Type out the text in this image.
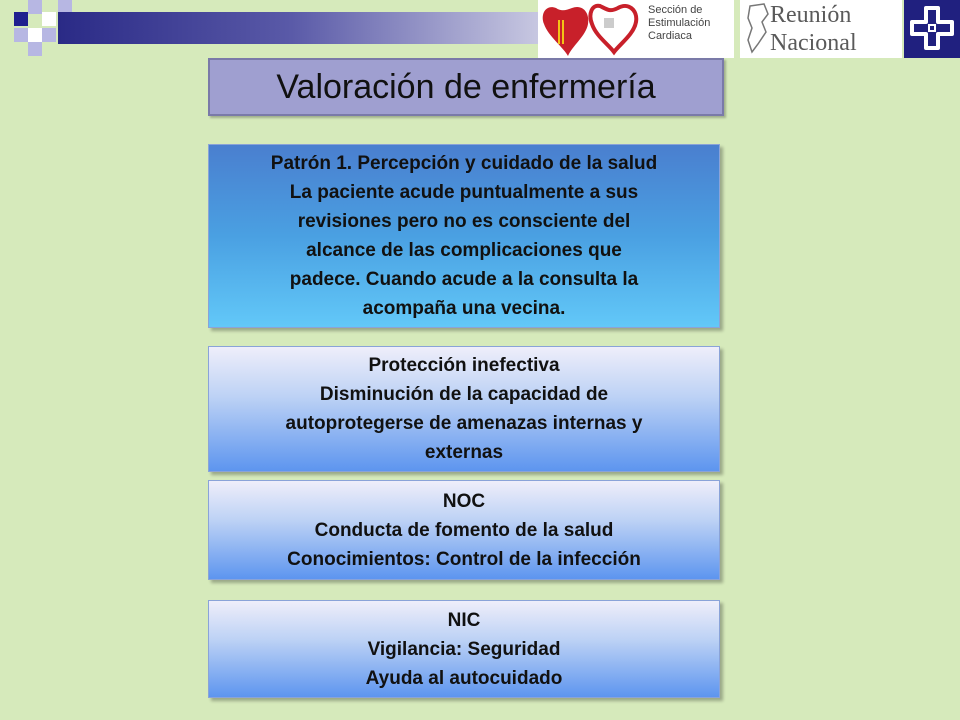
Sección de
Estimulación
Cardiaca
Reunión
Nacional
Valoración de enfermería
Patrón 1. Percepción y cuidado de la salud
La paciente acude puntualmente a sus
revisiones pero no es consciente del
alcance de las complicaciones que
padece. Cuando acude a la consulta la
acompaña una vecina.
Protección inefectiva
Disminución de la capacidad de
autoprotegerse de amenazas internas y
externas
NOC
Conducta de fomento de la salud
Conocimientos: Control de la infección
NIC
Vigilancia: Seguridad
Ayuda al autocuidado
